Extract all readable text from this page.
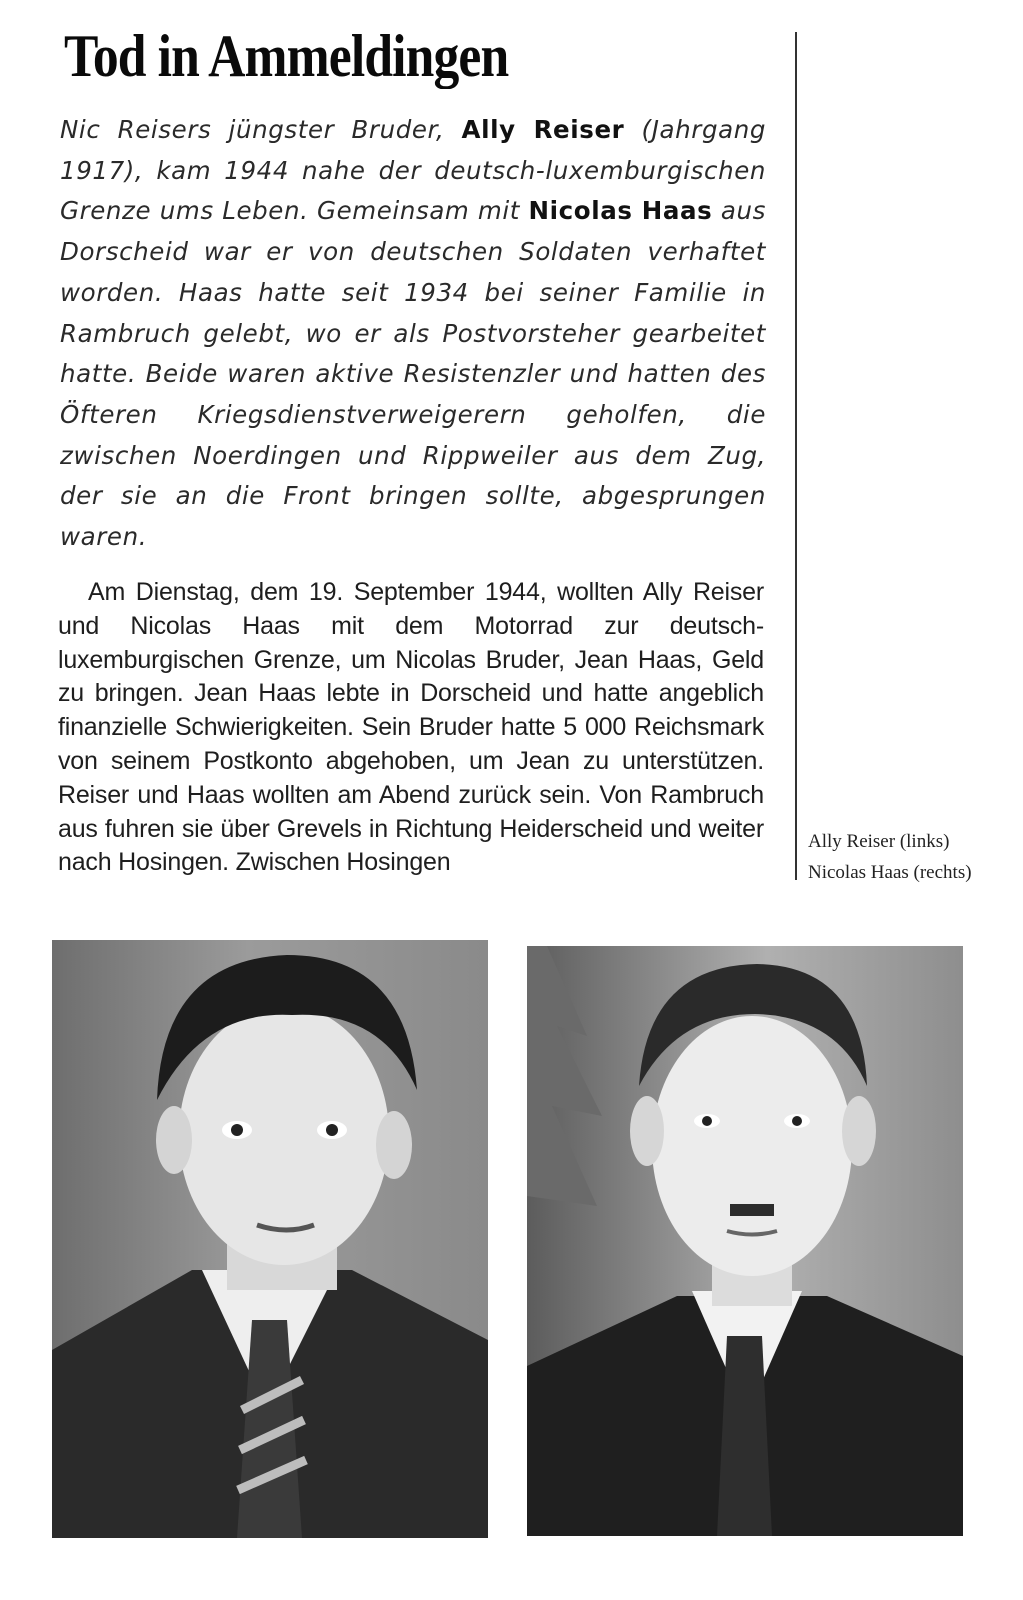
Tod in Ammeldingen

Nic Reisers jüngster Bruder, Ally Reiser (Jahrgang 1917), kam 1944 nahe der deutsch-luxemburgischen Grenze ums Leben. Gemeinsam mit Nicolas Haas aus Dorscheid war er von deutschen Soldaten verhaftet worden. Haas hatte seit 1934 bei seiner Familie in Rambruch gelebt, wo er als Postvorsteher gearbeitet hatte. Beide waren aktive Resistenzler und hatten des Öfteren Kriegsdienstverweigerern geholfen, die zwischen Noerdingen und Rippweiler aus dem Zug, der sie an die Front bringen sollte, abgesprungen waren.

Am Dienstag, dem 19. September 1944, wollten Ally Reiser und Nicolas Haas mit dem Motorrad zur deutsch-luxemburgischen Grenze, um Nicolas Bruder, Jean Haas, Geld zu bringen. Jean Haas lebte in Dorscheid und hatte angeblich finanzielle Schwierigkeiten. Sein Bruder hatte 5 000 Reichsmark von seinem Postkonto abgehoben, um Jean zu unterstützen. Reiser und Haas wollten am Abend zurück sein. Von Rambruch aus fuhren sie über Grevels in Richtung Heiderscheid und weiter nach Hosingen. Zwischen Hosingen

Ally Reiser (links)
Nicolas Haas (rechts)
